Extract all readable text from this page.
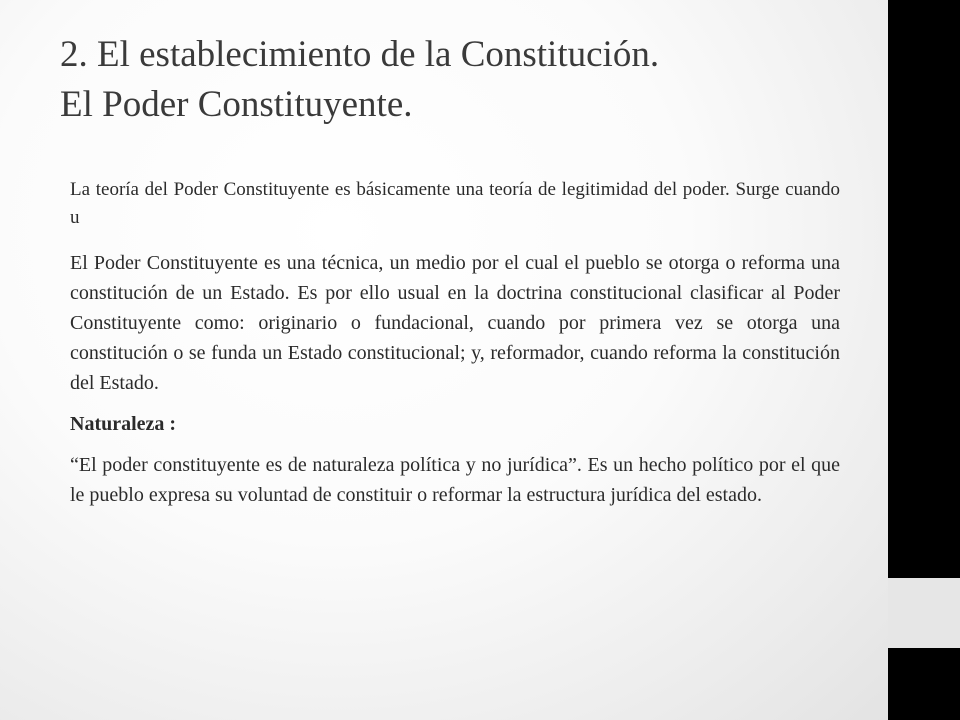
2. El establecimiento de la Constitución.
El Poder Constituyente.

La teoría del Poder Constituyente es básicamente una teoría de legitimidad del poder. Surge cuando u

El Poder Constituyente es una técnica, un medio por el cual el pueblo se otorga o reforma una constitución de un Estado. Es por ello usual en la doctrina constitucional clasificar al Poder Constituyente como: originario o fundacional, cuando por primera vez se otorga una constitución o se funda un Estado constitucional; y, reformador, cuando reforma la constitución del Estado.

Naturaleza :

“El poder constituyente es de naturaleza política y no jurídica”. Es un hecho político por el que le pueblo expresa su voluntad de constituir o reformar la estructura jurídica del estado.
